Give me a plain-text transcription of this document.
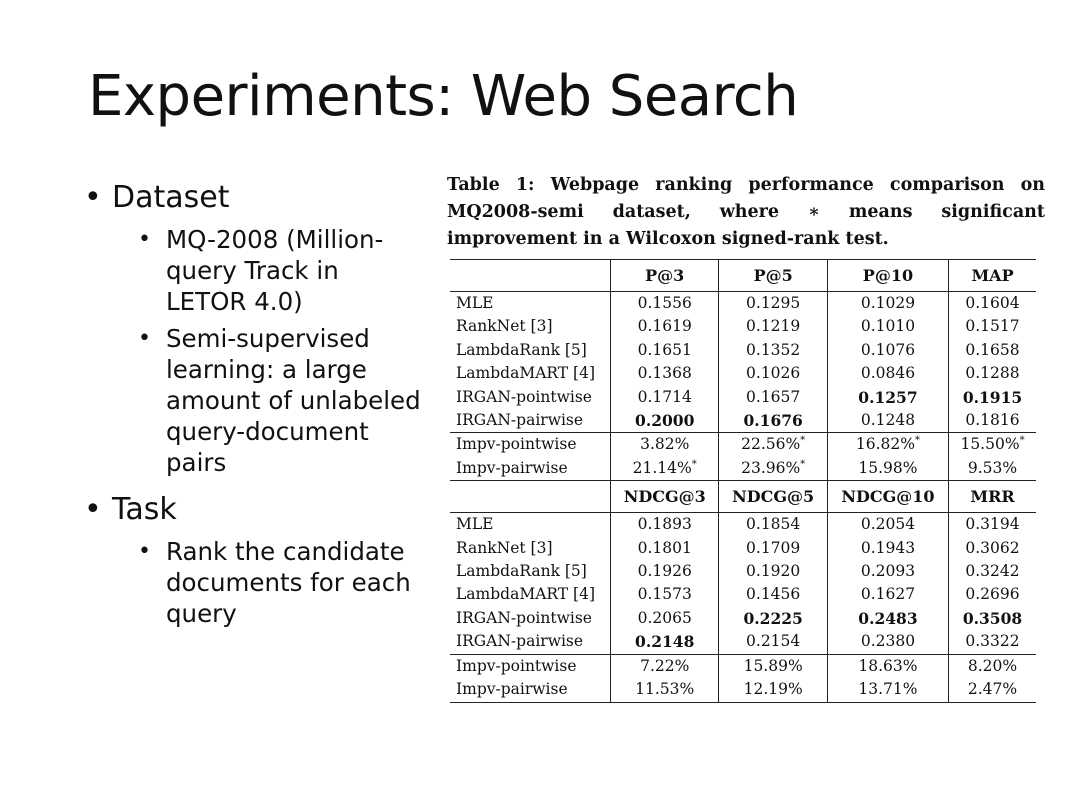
Experiments: Web Search
• Dataset
• MQ-2008 (Million-query Track in LETOR 4.0)
• Semi-supervised learning: a large amount of unlabeled query-document pairs
• Task
• Rank the candidate documents for each query
Table 1: Webpage ranking performance comparison on MQ2008-semi dataset, where ∗ means significant improvement in a Wilcoxon signed-rank test.
	P@3	P@5	P@10	MAP
MLE	0.1556	0.1295	0.1029	0.1604
RankNet [3]	0.1619	0.1219	0.1010	0.1517
LambdaRank [5]	0.1651	0.1352	0.1076	0.1658
LambdaMART [4]	0.1368	0.1026	0.0846	0.1288
IRGAN-pointwise	0.1714	0.1657	0.1257	0.1915
IRGAN-pairwise	0.2000	0.1676	0.1248	0.1816
Impv-pointwise	3.82%	22.56%*	16.82%*	15.50%*
Impv-pairwise	21.14%*	23.96%*	15.98%	9.53%
	NDCG@3	NDCG@5	NDCG@10	MRR
MLE	0.1893	0.1854	0.2054	0.3194
RankNet [3]	0.1801	0.1709	0.1943	0.3062
LambdaRank [5]	0.1926	0.1920	0.2093	0.3242
LambdaMART [4]	0.1573	0.1456	0.1627	0.2696
IRGAN-pointwise	0.2065	0.2225	0.2483	0.3508
IRGAN-pairwise	0.2148	0.2154	0.2380	0.3322
Impv-pointwise	7.22%	15.89%	18.63%	8.20%
Impv-pairwise	11.53%	12.19%	13.71%	2.47%
